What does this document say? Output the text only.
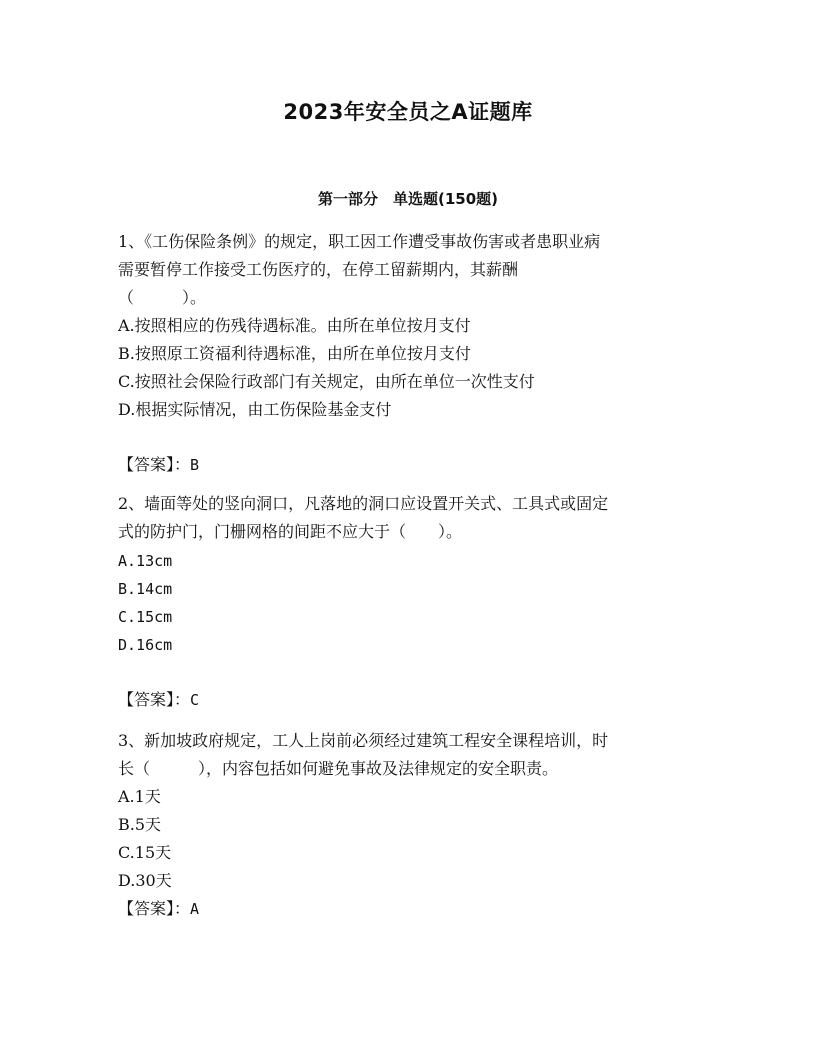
2023年安全员之A证题库
第一部分　单选题(150题)
1、《工伤保险条例》的规定，职工因工作遭受事故伤害或者患职业病
需要暂停工作接受工伤医疗的，在停工留薪期内，其薪酬
（　　　）。
A.按照相应的伤残待遇标准。由所在单位按月支付
B.按照原工资福利待遇标准，由所在单位按月支付
C.按照社会保险行政部门有关规定，由所在单位一次性支付
D.根据实际情况，由工伤保险基金支付
【答案】：B
2、墙面等处的竖向洞口，凡落地的洞口应设置开关式、工具式或固定
式的防护门，门栅网格的间距不应大于（　　）。
A.13cm
B.14cm
C.15cm
D.16cm
【答案】：C
3、新加坡政府规定，工人上岗前必须经过建筑工程安全课程培训，时
长（　　　），内容包括如何避免事故及法律规定的安全职责。
A.1天
B.5天
C.15天
D.30天
【答案】：A
